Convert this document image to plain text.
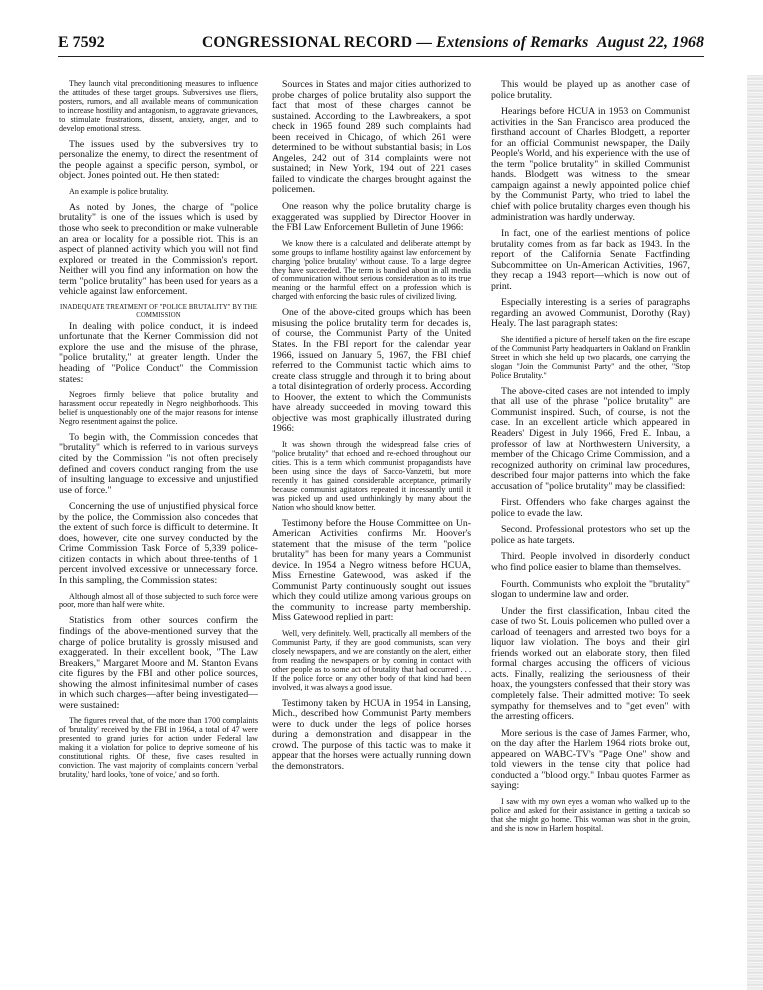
E 7592	CONGRESSIONAL RECORD — Extensions of Remarks August 22, 1968

They launch vital preconditioning measures to influence the attitudes of these target groups. Subversives use fliers, posters, rumors, and all available means of communication to increase hostility and antagonism, to aggravate grievances, to stimulate frustrations, dissent, anxiety, anger, and to develop emotional stress.

The issues used by the subversives try to personalize the enemy, to direct the resentment of the people against a specific person, symbol, or object. Jones pointed out. He then stated:

An example is police brutality.

As noted by Jones, the charge of "police brutality" is one of the issues which is used by those who seek to precondition or make vulnerable an area or locality for a possible riot. This is an aspect of planned activity which you will not find explored or treated in the Commission's report. Neither will you find any information on how the term "police brutality" has been used for years as a vehicle against law enforcement.

INADEQUATE TREATMENT OF "POLICE BRUTALITY" BY THE COMMISSION

In dealing with police conduct, it is indeed unfortunate that the Kerner Commission did not explore the use and the misuse of the phrase, "police brutality," at greater length. Under the heading of "Police Conduct" the Commission states:

Negroes firmly believe that police brutality and harassment occur repeatedly in Negro neighborhoods. This belief is unquestionably one of the major reasons for intense Negro resentment against the police.

To begin with, the Commission concedes that "brutality" which is referred to in various surveys cited by the Commission "is not often precisely defined and covers conduct ranging from the use of insulting language to excessive and unjustified use of force."

Concerning the use of unjustified physical force by the police, the Commission also concedes that the extent of such force is difficult to determine. It does, however, cite one survey conducted by the Crime Commission Task Force of 5,339 police-citizen contacts in which about three-tenths of 1 percent involved excessive or unnecessary force. In this sampling, the Commission states:

Although almost all of those subjected to such force were poor, more than half were white.

Statistics from other sources confirm the findings of the above-mentioned survey that the charge of police brutality is grossly misused and exaggerated. In their excellent book, "The Law Breakers," Margaret Moore and M. Stanton Evans cite figures by the FBI and other police sources, showing the almost infinitesimal number of cases in which such charges—after being investigated—were sustained:

The figures reveal that, of the more than 1700 complaints of 'brutality' received by the FBI in 1964, a total of 47 were presented to grand juries for action under Federal law making it a violation for police to deprive someone of his constitutional rights. Of these, five cases resulted in conviction. The vast majority of complaints concern 'verbal brutality,' hard looks, 'tone of voice,' and so forth.

Sources in States and major cities authorized to probe charges of police brutality also support the fact that most of these charges cannot be sustained. According to the Lawbreakers, a spot check in 1965 found 289 such complaints had been received in Chicago, of which 261 were determined to be without substantial basis; in Los Angeles, 242 out of 314 complaints were not sustained; in New York, 194 out of 221 cases failed to vindicate the charges brought against the policemen.

One reason why the police brutality charge is exaggerated was supplied by Director Hoover in the FBI Law Enforcement Bulletin of June 1966:

We know there is a calculated and deliberate attempt by some groups to inflame hostility against law enforcement by charging 'police brutality' without cause. To a large degree they have succeeded. The term is bandied about in all media of communication without serious consideration as to its true meaning or the harmful effect on a profession which is charged with enforcing the basic rules of civilized living.

One of the above-cited groups which has been misusing the police brutality term for decades is, of course, the Communist Party of the United States. In the FBI report for the calendar year 1966, issued on January 5, 1967, the FBI chief referred to the Communist tactic which aims to create class struggle and through it to bring about a total disintegration of orderly process. According to Hoover, the extent to which the Communists have already succeeded in moving toward this objective was most graphically illustrated during 1966:

It was shown through the widespread false cries of "police brutality" that echoed and re-echoed throughout our cities. This is a term which communist propagandists have been using since the days of Sacco-Vanzetti, but more recently it has gained considerable acceptance, primarily because communist agitators repeated it incessantly until it was picked up and used unthinkingly by many about the Nation who should know better.

Testimony before the House Committee on Un-American Activities confirms Mr. Hoover's statement that the misuse of the term "police brutality" has been for many years a Communist device. In 1954 a Negro witness before HCUA, Miss Ernestine Gatewood, was asked if the Communist Party continuously sought out issues which they could utilize among various groups on the community to increase party membership. Miss Gatewood replied in part:

Well, very definitely. Well, practically all members of the Communist Party, if they are good communists, scan very closely newspapers, and we are constantly on the alert, either from reading the newspapers or by coming in contact with other people as to some act of brutality that had occurred . . . If the police force or any other body of that kind had been involved, it was always a good issue.

Testimony taken by HCUA in 1954 in Lansing, Mich., described how Communist Party members were to duck under the legs of police horses during a demonstration and disappear in the crowd. The purpose of this tactic was to make it appear that the horses were actually running down the demonstrators.

This would be played up as another case of police brutality.

Hearings before HCUA in 1953 on Communist activities in the San Francisco area produced the firsthand account of Charles Blodgett, a reporter for an official Communist newspaper, the Daily People's World, and his experience with the use of the term "police brutality" in skilled Communist hands. Blodgett was witness to the smear campaign against a newly appointed police chief by the Communist Party, who tried to label the chief with police brutality charges even though his administration was hardly underway.

In fact, one of the earliest mentions of police brutality comes from as far back as 1943. In the report of the California Senate Factfinding Subcommittee on Un-American Activities, 1967, they recap a 1943 report—which is now out of print.

Especially interesting is a series of paragraphs regarding an avowed Communist, Dorothy (Ray) Healy. The last paragraph states:

She identified a picture of herself taken on the fire escape of the Communist Party headquarters in Oakland on Franklin Street in which she held up two placards, one carrying the slogan "Join the Communist Party" and the other, "Stop Police Brutality."

The above-cited cases are not intended to imply that all use of the phrase "police brutality" are Communist inspired. Such, of course, is not the case. In an excellent article which appeared in Readers' Digest in July 1966, Fred E. Inbau, a professor of law at Northwestern University, a member of the Chicago Crime Commission, and a recognized authority on criminal law procedures, described four major patterns into which the fake accusation of "police brutality" may be classified:

First. Offenders who fake charges against the police to evade the law.

Second. Professional protestors who set up the police as hate targets.

Third. People involved in disorderly conduct who find police easier to blame than themselves.

Fourth. Communists who exploit the "brutality" slogan to undermine law and order.

Under the first classification, Inbau cited the case of two St. Louis policemen who pulled over a carload of teenagers and arrested two boys for a liquor law violation. The boys and their girl friends worked out an elaborate story, then filed formal charges accusing the officers of vicious acts. Finally, realizing the seriousness of their hoax, the youngsters confessed that their story was completely false. Their admitted motive: To seek sympathy for themselves and to "get even" with the arresting officers.

More serious is the case of James Farmer, who, on the day after the Harlem 1964 riots broke out, appeared on WABC-TV's "Page One" show and told viewers in the tense city that police had conducted a "blood orgy." Inbau quotes Farmer as saying:

I saw with my own eyes a woman who walked up to the police and asked for their assistance in getting a taxicab so that she might go home. This woman was shot in the groin, and she is now in Harlem hospital.
